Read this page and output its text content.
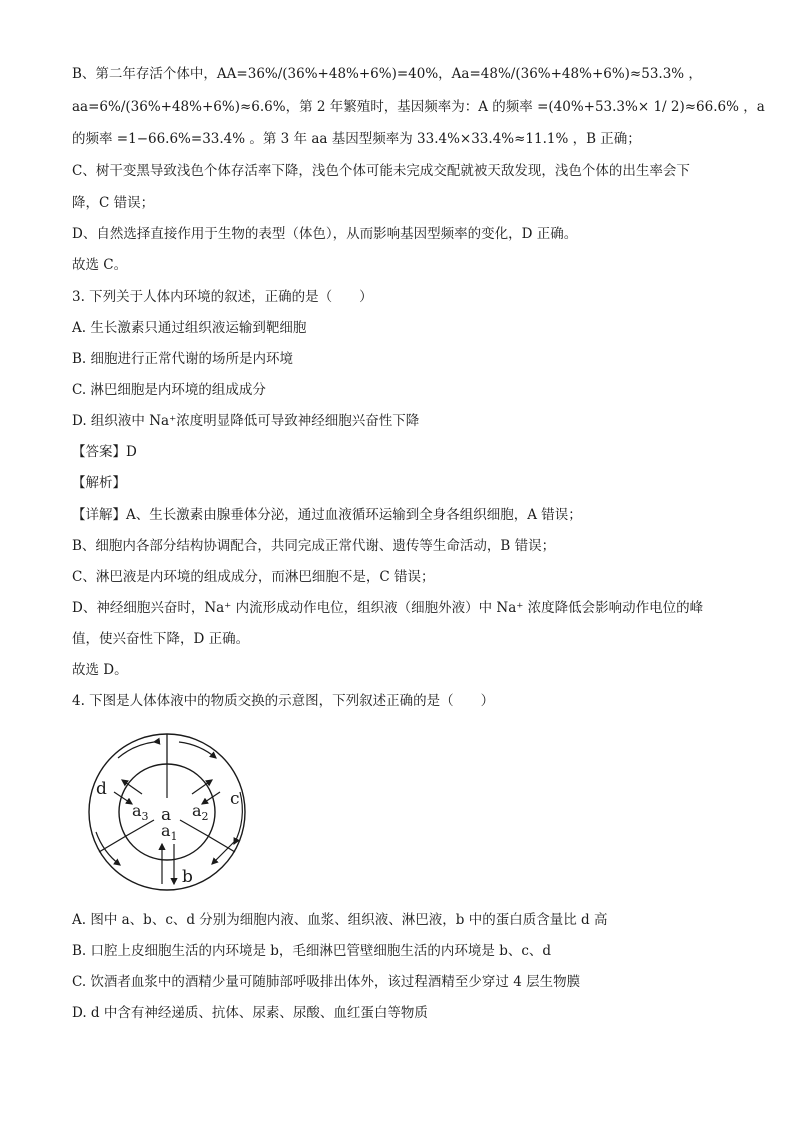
B、第二年存活个体中，AA=36%/(36%+48%+6%)=40%，Aa=48%/(36%+48%+6%)≈53.3% ，
aa=6%/(36%+48%+6%)≈6.6%，第 2 年繁殖时，基因频率为：A 的频率 =(40%+53.3%× 1/ 2)≈66.6% ，a
的频率 =1−66.6%=33.4% 。第 3 年 aa 基因型频率为 33.4%×33.4%≈11.1% ，B 正确；
C、树干变黑导致浅色个体存活率下降，浅色个体可能未完成交配就被天敌发现，浅色个体的出生率会下
降，C 错误；
D、自然选择直接作用于生物的表型（体色），从而影响基因型频率的变化，D 正确。
故选 C。
3. 下列关于人体内环境的叙述，正确的是（　　）
A. 生长激素只通过组织液运输到靶细胞
B. 细胞进行正常代谢的场所是内环境
C. 淋巴细胞是内环境的组成成分
D. 组织液中 Na⁺浓度明显降低可导致神经细胞兴奋性下降
【答案】D
【解析】
【详解】A、生长激素由腺垂体分泌，通过血液循环运输到全身各组织细胞，A 错误；
B、细胞内各部分结构协调配合，共同完成正常代谢、遗传等生命活动，B 错误；
C、淋巴液是内环境的组成成分，而淋巴细胞不是，C 错误；
D、神经细胞兴奋时，Na⁺ 内流形成动作电位，组织液（细胞外液）中 Na⁺ 浓度降低会影响动作电位的峰
值，使兴奋性下降，D 正确。
故选 D。
4. 下图是人体体液中的物质交换的示意图，下列叙述正确的是（　　）
a
$a_3$	$a_2$
$a_1$
b
c
d
A. 图中 a、b、c、d 分别为细胞内液、血浆、组织液、淋巴液，b 中的蛋白质含量比 d 高
B. 口腔上皮细胞生活的内环境是 b，毛细淋巴管壁细胞生活的内环境是 b、c、d
C. 饮酒者血浆中的酒精少量可随肺部呼吸排出体外，该过程酒精至少穿过 4 层生物膜
D. d 中含有神经递质、抗体、尿素、尿酸、血红蛋白等物质
